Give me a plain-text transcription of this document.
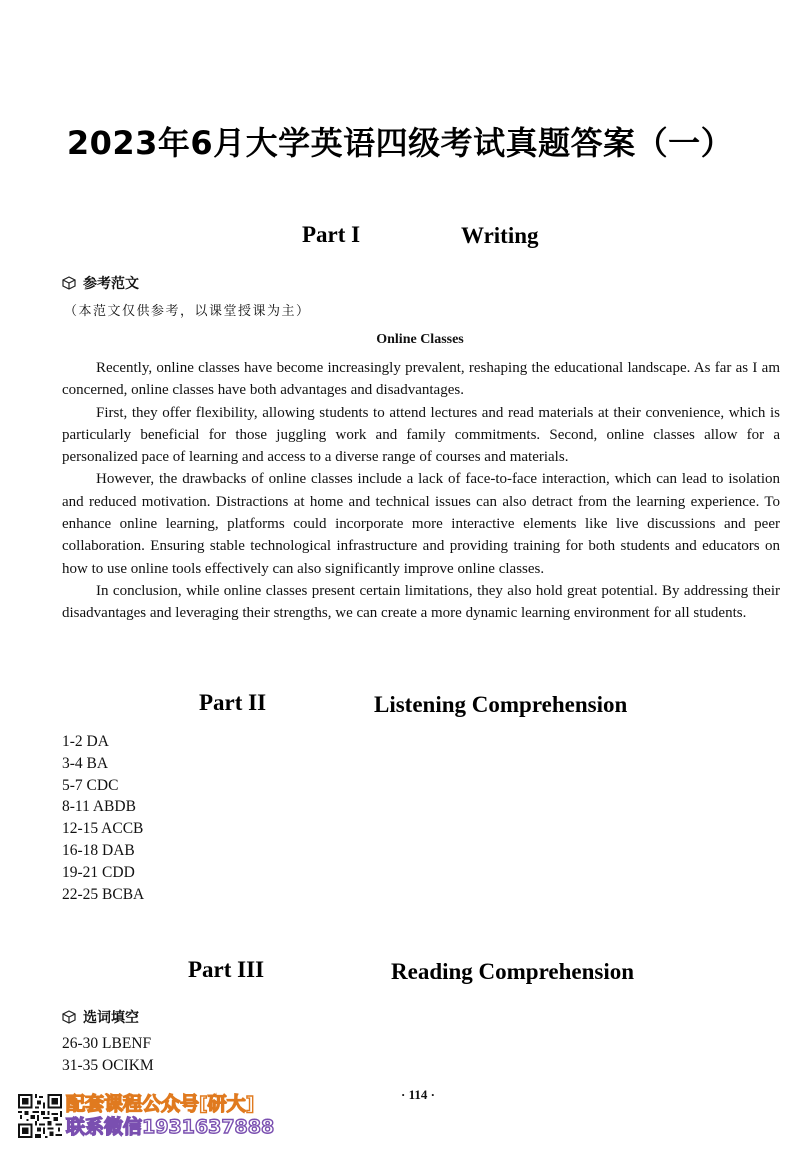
2023年6月大学英语四级考试真题答案（一）
Part I	Writing
参考范文
（本范文仅供参考，以课堂授课为主）
Online Classes

Recently, online classes have become increasingly prevalent, reshaping the educational landscape. As far as I am concerned, online classes have both advantages and disadvantages.

First, they offer flexibility, allowing students to attend lectures and read materials at their convenience, which is particularly beneficial for those juggling work and family commitments. Second, online classes allow for a personalized pace of learning and access to a diverse range of courses and materials.

However, the drawbacks of online classes include a lack of face-to-face interaction, which can lead to isolation and reduced motivation. Distractions at home and technical issues can also detract from the learning experience. To enhance online learning, platforms could incorporate more interactive elements like live discussions and peer collaboration. Ensuring stable technological infrastructure and providing training for both students and educators on how to use online tools effectively can also significantly improve online classes.

In conclusion, while online classes present certain limitations, they also hold great potential. By addressing their disadvantages and leveraging their strengths, we can create a more dynamic learning environment for all students.

Part II	Listening Comprehension
1-2 DA
3-4 BA
5-7 CDC
8-11 ABDB
12-15 ACCB
16-18 DAB
19-21 CDD
22-25 BCBA
Part III	Reading Comprehension
选词填空
26-30 LBENF
31-35 OCIKM
· 114 ·
配套课程公众号[研大]
联系微信1931637888
